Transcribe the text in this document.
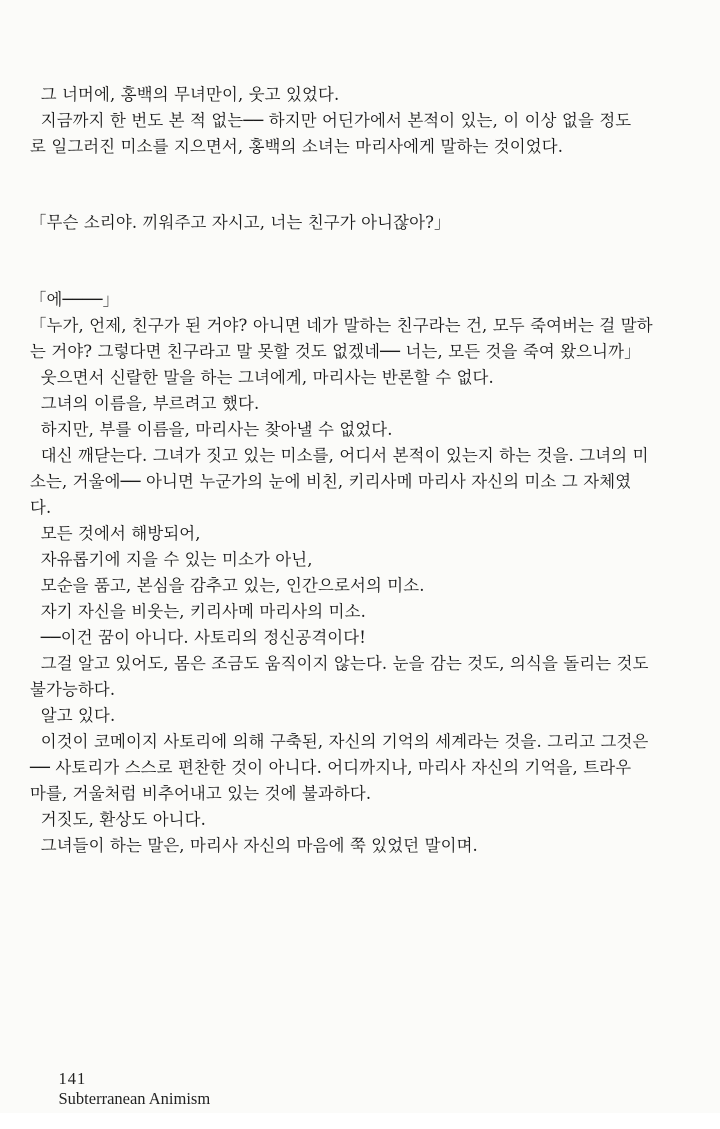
그 너머에, 홍백의 무녀만이, 웃고 있었다.
지금까지 한 번도 본 적 없는── 하지만 어딘가에서 본적이 있는, 이 이상 없을 정도
로 일그러진 미소를 지으면서, 홍백의 소녀는 마리사에게 말하는 것이었다.
「무슨 소리야. 끼워주고 자시고, 너는 친구가 아니잖아?」
「에────」
「누가, 언제, 친구가 된 거야? 아니면 네가 말하는 친구라는 건, 모두 죽여버는 걸 말하
는 거야? 그렇다면 친구라고 말 못할 것도 없겠네── 너는, 모든 것을 죽여 왔으니까」
웃으면서 신랄한 말을 하는 그녀에게, 마리사는 반론할 수 없다.
그녀의 이름을, 부르려고 했다.
하지만, 부를 이름을, 마리사는 찾아낼 수 없었다.
대신 깨닫는다. 그녀가 짓고 있는 미소를, 어디서 본적이 있는지 하는 것을. 그녀의 미
소는, 거울에── 아니면 누군가의 눈에 비친, 키리사메 마리사 자신의 미소 그 자체였
다.
모든 것에서 해방되어,
자유롭기에 지을 수 있는 미소가 아닌,
모순을 품고, 본심을 감추고 있는, 인간으로서의 미소.
자기 자신을 비웃는, 키리사메 마리사의 미소.
──이건 꿈이 아니다. 사토리의 정신공격이다!
그걸 알고 있어도, 몸은 조금도 움직이지 않는다. 눈을 감는 것도, 의식을 돌리는 것도
불가능하다.
알고 있다.
이것이 코메이지 사토리에 의해 구축된, 자신의 기억의 세계라는 것을. 그리고 그것은
── 사토리가 스스로 편찬한 것이 아니다. 어디까지나, 마리사 자신의 기억을, 트라우
마를, 거울처럼 비추어내고 있는 것에 불과하다.
거짓도, 환상도 아니다.
그녀들이 하는 말은, 마리사 자신의 마음에 쭉 있었던 말이며.

141
Subterranean Animism
